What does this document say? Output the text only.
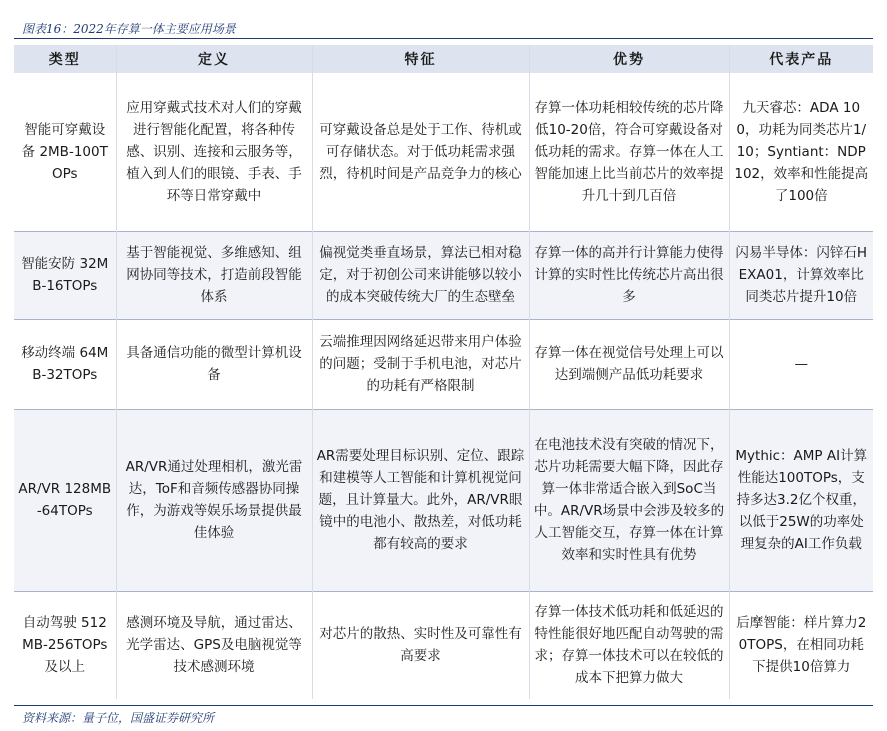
图表16：2022年存算一体主要应用场景
类型	定义	特征	优势	代表产品
智能可穿戴设备 2MB-100TOPs	应用穿戴式技术对人们的穿戴进行智能化配置，将各种传感、识别、连接和云服务等，植入到人们的眼镜、手表、手环等日常穿戴中	可穿戴设备总是处于工作、待机或可存储状态。对于低功耗需求强烈，待机时间是产品竞争力的核心	存算一体功耗相较传统的芯片降低10-20倍，符合可穿戴设备对低功耗的需求。存算一体在人工智能加速上比当前芯片的效率提升几十到几百倍	九天睿芯：ADA 100，功耗为同类芯片1/10；Syntiant：NDP 102，效率和性能提高了100倍
智能安防 32MB-16TOPs	基于智能视觉、多维感知、组网协同等技术，打造前段智能体系	偏视觉类垂直场景，算法已相对稳定，对于初创公司来讲能够以较小的成本突破传统大厂的生态壁垒	存算一体的高并行计算能力使得计算的实时性比传统芯片高出很多	闪易半导体：闪锌石HEXA01，计算效率比同类芯片提升10倍
移动终端 64MB-32TOPs	具备通信功能的微型计算机设备	云端推理因网络延迟带来用户体验的问题；受制于手机电池，对芯片的功耗有严格限制	存算一体在视觉信号处理上可以达到端侧产品低功耗要求	—
AR/VR 128MB-64TOPs	AR/VR通过处理相机，激光雷达，ToF和音频传感器协同操作，为游戏等娱乐场景提供最佳体验	AR需要处理目标识别、定位、跟踪和建模等人工智能和计算机视觉问题，且计算量大。此外，AR/VR眼镜中的电池小、散热差，对低功耗都有较高的要求	在电池技术没有突破的情况下，芯片功耗需要大幅下降，因此存算一体非常适合嵌入到SoC当中。AR/VR场景中会涉及较多的人工智能交互，存算一体在计算效率和实时性具有优势	Mythic：AMP AI计算性能达100TOPs，支持多达3.2亿个权重，以低于25W的功率处理复杂的AI工作负载
自动驾驶 512MB-256TOPs及以上	感测环境及导航，通过雷达、光学雷达、GPS及电脑视觉等技术感测环境	对芯片的散热、实时性及可靠性有高要求	存算一体技术低功耗和低延迟的特性能很好地匹配自动驾驶的需求；存算一体技术可以在较低的成本下把算力做大	后摩智能：样片算力20TOPS，在相同功耗下提供10倍算力
资料来源：量子位，国盛证券研究所
